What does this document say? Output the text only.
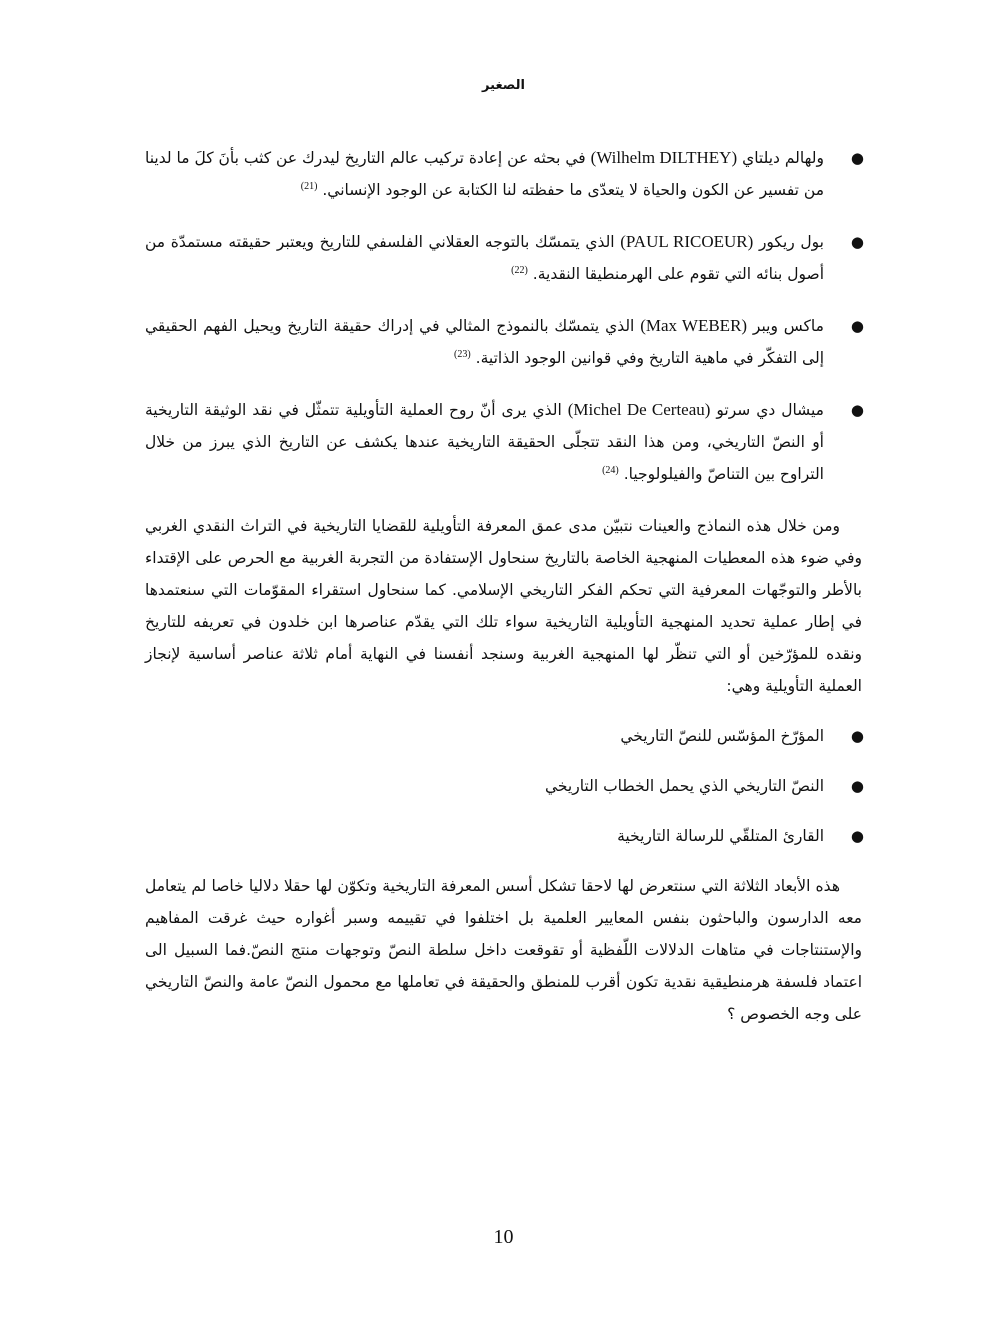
الصغير
●
ولهالم ديلتاي (Wilhelm DILTHEY) في بحثه عن إعادة تركيب عالم التاريخ ليدرك عن كثب بأنَ كلَ ما لدينا من تفسير عن الكون والحياة لا يتعدّى ما حفظته لنا الكتابة عن الوجود الإنساني. $^{(21)}$
●
بول ريكور (PAUL RICOEUR) الذي يتمسّك بالتوجه العقلاني الفلسفي للتاريخ ويعتبر حقيقته مستمدّة من أصول بنائه التي تقوم على الهرمنطيقا النقدية. $^{(22)}$
●
ماكس ويبر (Max WEBER) الذي يتمسّك بالنموذج المثالي في إدراك حقيقة التاريخ ويحيل الفهم الحقيقي إلى التفكّر في ماهية التاريخ وفي قوانين الوجود الذاتية. $^{(23)}$
●
ميشال دي سرتو (Michel De Certeau) الذي يرى أنّ روح العملية التأويلية تتمثّل في نقد الوثيقة التاريخية أو النصّ التاريخي، ومن هذا النقد تتجلّى الحقيقة التاريخية عندها يكشف عن التاريخ الذي يبرز من خلال التراوح بين التناصّ والفيلولوجيا. $^{(24)}$

ومن خلال هذه النماذج والعينات نتبيّن مدى عمق المعرفة التأويلية للقضايا التاريخية في التراث النقدي الغربي وفي ضوء هذه المعطيات المنهجية الخاصة بالتاريخ سنحاول الإستفادة من التجربة الغربية مع الحرص على الإقتداء بالأطر والتوجّهات المعرفية التي تحكم الفكر التاريخي الإسلامي. كما سنحاول استقراء المقوّمات التي سنعتمدها في إطار عملية تحديد المنهجية التأويلية التاريخية سواء تلك التي يقدّم عناصرها ابن خلدون في تعريفه للتاريخ ونقده للمؤرّخين أو التي تنظّر لها المنهجية الغربية وسنجد أنفسنا في النهاية أمام ثلاثة عناصر أساسية لإنجاز العملية التأويلية وهي:

●
المؤرّخ المؤسّس للنصّ التاريخي
●
النصّ التاريخي الذي يحمل الخطاب التاريخي
●
القارئ المتلقّي للرسالة التاريخية

هذه الأبعاد الثلاثة التي سنتعرض لها لاحقا تشكل أسس المعرفة التاريخية وتكوّن لها حقلا دلاليا خاصا لم يتعامل معه الدارسون والباحثون بنفس المعايير العلمية بل اختلفوا في تقييمه وسبر أغواره حيث غرقت المفاهيم والإستنتاجات في متاهات الدلالات اللّفظية أو تقوقعت داخل سلطة النصّ وتوجهات منتج النصّ.فما السبيل الى اعتماد فلسفة هرمنطيقية نقدية تكون أقرب للمنطق والحقيقة في تعاملها مع محمول النصّ عامة والنصّ التاريخي على وجه الخصوص ؟

10
